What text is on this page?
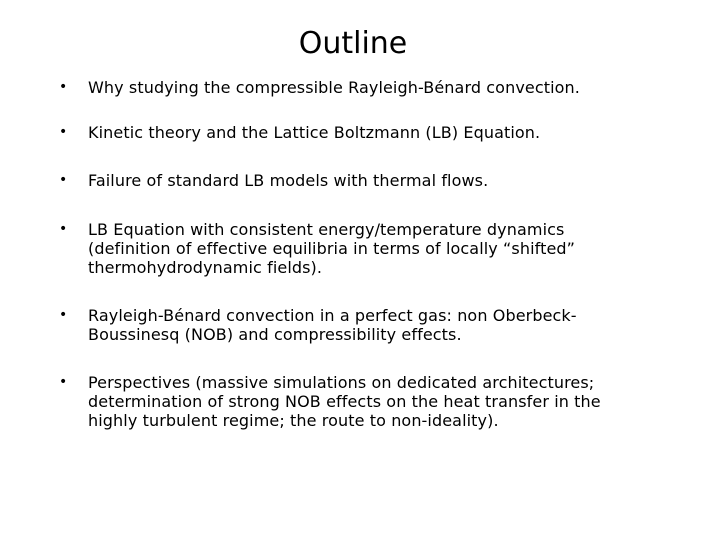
Outline
• Why studying the compressible Rayleigh-Bénard convection.
• Kinetic theory and the Lattice Boltzmann (LB) Equation.
• Failure of standard LB models with thermal flows.
• LB Equation with consistent energy/temperature dynamics
(definition of effective equilibria in terms of locally “shifted”
thermohydrodynamic fields).
• Rayleigh-Bénard convection in a perfect gas: non Oberbeck-
Boussinesq (NOB) and compressibility effects.
• Perspectives (massive simulations on dedicated architectures;
determination of strong NOB effects on the heat transfer in the
highly turbulent regime; the route to non-ideality).
